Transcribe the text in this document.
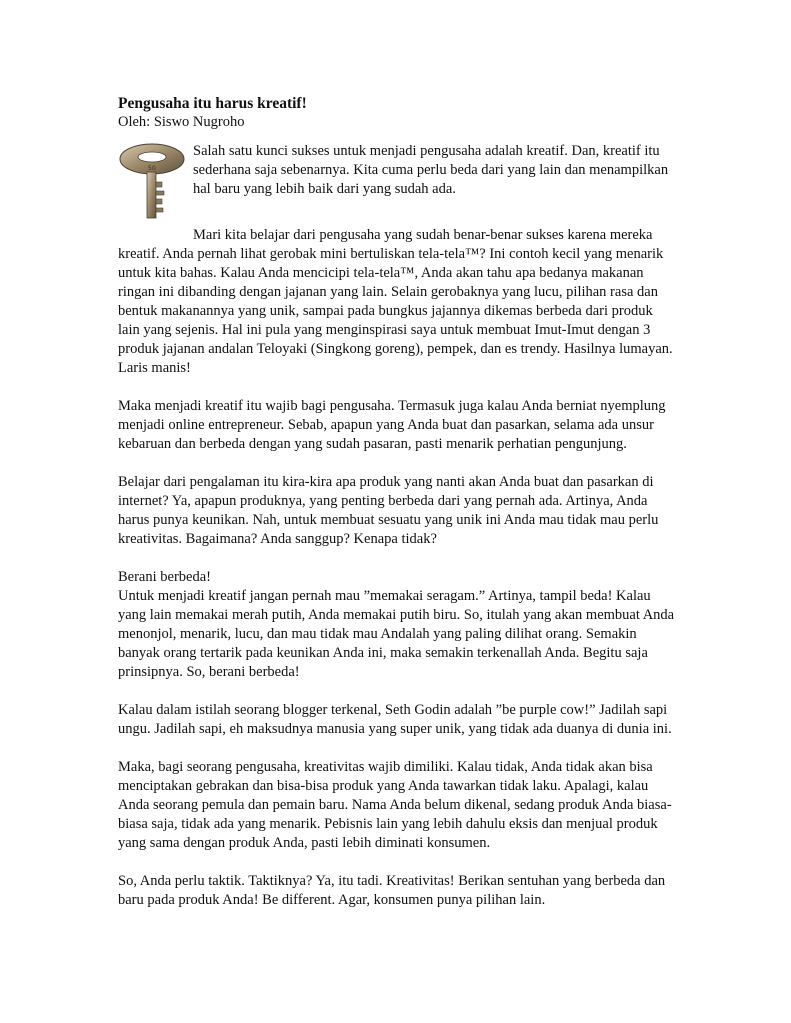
Pengusaha itu harus kreatif!

Oleh: Siswo Nugroho

50

Salah satu kunci sukses untuk menjadi pengusaha adalah kreatif. Dan, kreatif itu sederhana saja sebenarnya. Kita cuma perlu beda dari yang lain dan menampilkan hal baru yang lebih baik dari yang sudah ada.

Mari kita belajar dari pengusaha yang sudah benar-benar sukses karena mereka kreatif. Anda pernah lihat gerobak mini bertuliskan tela-tela™? Ini contoh kecil yang menarik untuk kita bahas. Kalau Anda mencicipi tela-tela™, Anda akan tahu apa bedanya makanan ringan ini dibanding dengan jajanan yang lain. Selain gerobaknya yang lucu, pilihan rasa dan bentuk makanannya yang unik, sampai pada bungkus jajannya dikemas berbeda dari produk lain yang sejenis. Hal ini pula yang menginspirasi saya untuk membuat Imut-Imut dengan 3 produk jajanan andalan Teloyaki (Singkong goreng), pempek, dan es trendy. Hasilnya lumayan. Laris manis!

Maka menjadi kreatif itu wajib bagi pengusaha. Termasuk juga kalau Anda berniat nyemplung menjadi online entrepreneur. Sebab, apapun yang Anda buat dan pasarkan, selama ada unsur kebaruan dan berbeda dengan yang sudah pasaran, pasti menarik perhatian pengunjung.

Belajar dari pengalaman itu kira-kira apa produk yang nanti akan Anda buat dan pasarkan di internet? Ya, apapun produknya, yang penting berbeda dari yang pernah ada. Artinya, Anda harus punya keunikan. Nah, untuk membuat sesuatu yang unik ini Anda mau tidak mau perlu kreativitas. Bagaimana? Anda sanggup? Kenapa tidak?

Berani berbeda!

Untuk menjadi kreatif jangan pernah mau ”memakai seragam.” Artinya, tampil beda! Kalau yang lain memakai merah putih, Anda memakai putih biru. So, itulah yang akan membuat Anda menonjol, menarik, lucu, dan mau tidak mau Andalah yang paling dilihat orang. Semakin banyak orang tertarik pada keunikan Anda ini, maka semakin terkenallah Anda. Begitu saja prinsipnya. So, berani berbeda!

Kalau dalam istilah seorang blogger terkenal, Seth Godin adalah ”be purple cow!” Jadilah sapi ungu. Jadilah sapi, eh maksudnya manusia yang super unik, yang tidak ada duanya di dunia ini.

Maka, bagi seorang pengusaha, kreativitas wajib dimiliki. Kalau tidak, Anda tidak akan bisa menciptakan gebrakan dan bisa-bisa produk yang Anda tawarkan tidak laku. Apalagi, kalau Anda seorang pemula dan pemain baru. Nama Anda belum dikenal, sedang produk Anda biasa-biasa saja, tidak ada yang menarik. Pebisnis lain yang lebih dahulu eksis dan menjual produk yang sama dengan produk Anda, pasti lebih diminati konsumen.

So, Anda perlu taktik. Taktiknya? Ya, itu tadi. Kreativitas! Berikan sentuhan yang berbeda dan baru pada produk Anda! Be different. Agar, konsumen punya pilihan lain.
